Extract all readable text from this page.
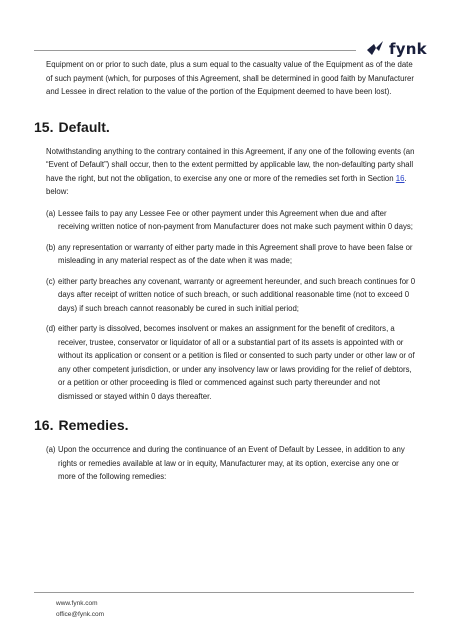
fynk

Equipment on or prior to such date, plus a sum equal to the casualty value of the Equipment as of the date of such payment (which, for purposes of this Agreement, shall be determined in good faith by Manufacturer and Lessee in direct relation to the value of the portion of the Equipment deemed to have been lost).

15. Default.

Notwithstanding anything to the contrary contained in this Agreement, if any one of the following events (an “Event of Default”) shall occur, then to the extent permitted by applicable law, the non-defaulting party shall have the right, but not the obligation, to exercise any one or more of the remedies set forth in Section 16. below:

(a) Lessee fails to pay any Lessee Fee or other payment under this Agreement when due and after receiving written notice of non-payment from Manufacturer does not make such payment within 0 days;
(b) any representation or warranty of either party made in this Agreement shall prove to have been false or misleading in any material respect as of the date when it was made;
(c) either party breaches any covenant, warranty or agreement hereunder, and such breach continues for 0 days after receipt of written notice of such breach, or such additional reasonable time (not to exceed 0 days) if such breach cannot reasonably be cured in such initial period;
(d) either party is dissolved, becomes insolvent or makes an assignment for the benefit of creditors, a receiver, trustee, conservator or liquidator of all or a substantial part of its assets is appointed with or without its application or consent or a petition is filed or consented to such party under or other law or of any other competent jurisdiction, or under any insolvency law or laws providing for the relief of debtors, or a petition or other proceeding is filed or commenced against such party thereunder and not dismissed or stayed within 0 days thereafter.
16. Remedies.
(a) Upon the occurrence and during the continuance of an Event of Default by Lessee, in addition to any rights or remedies available at law or in equity, Manufacturer may, at its option, exercise any one or more of the following remedies:
www.fynk.com
office@fynk.com
